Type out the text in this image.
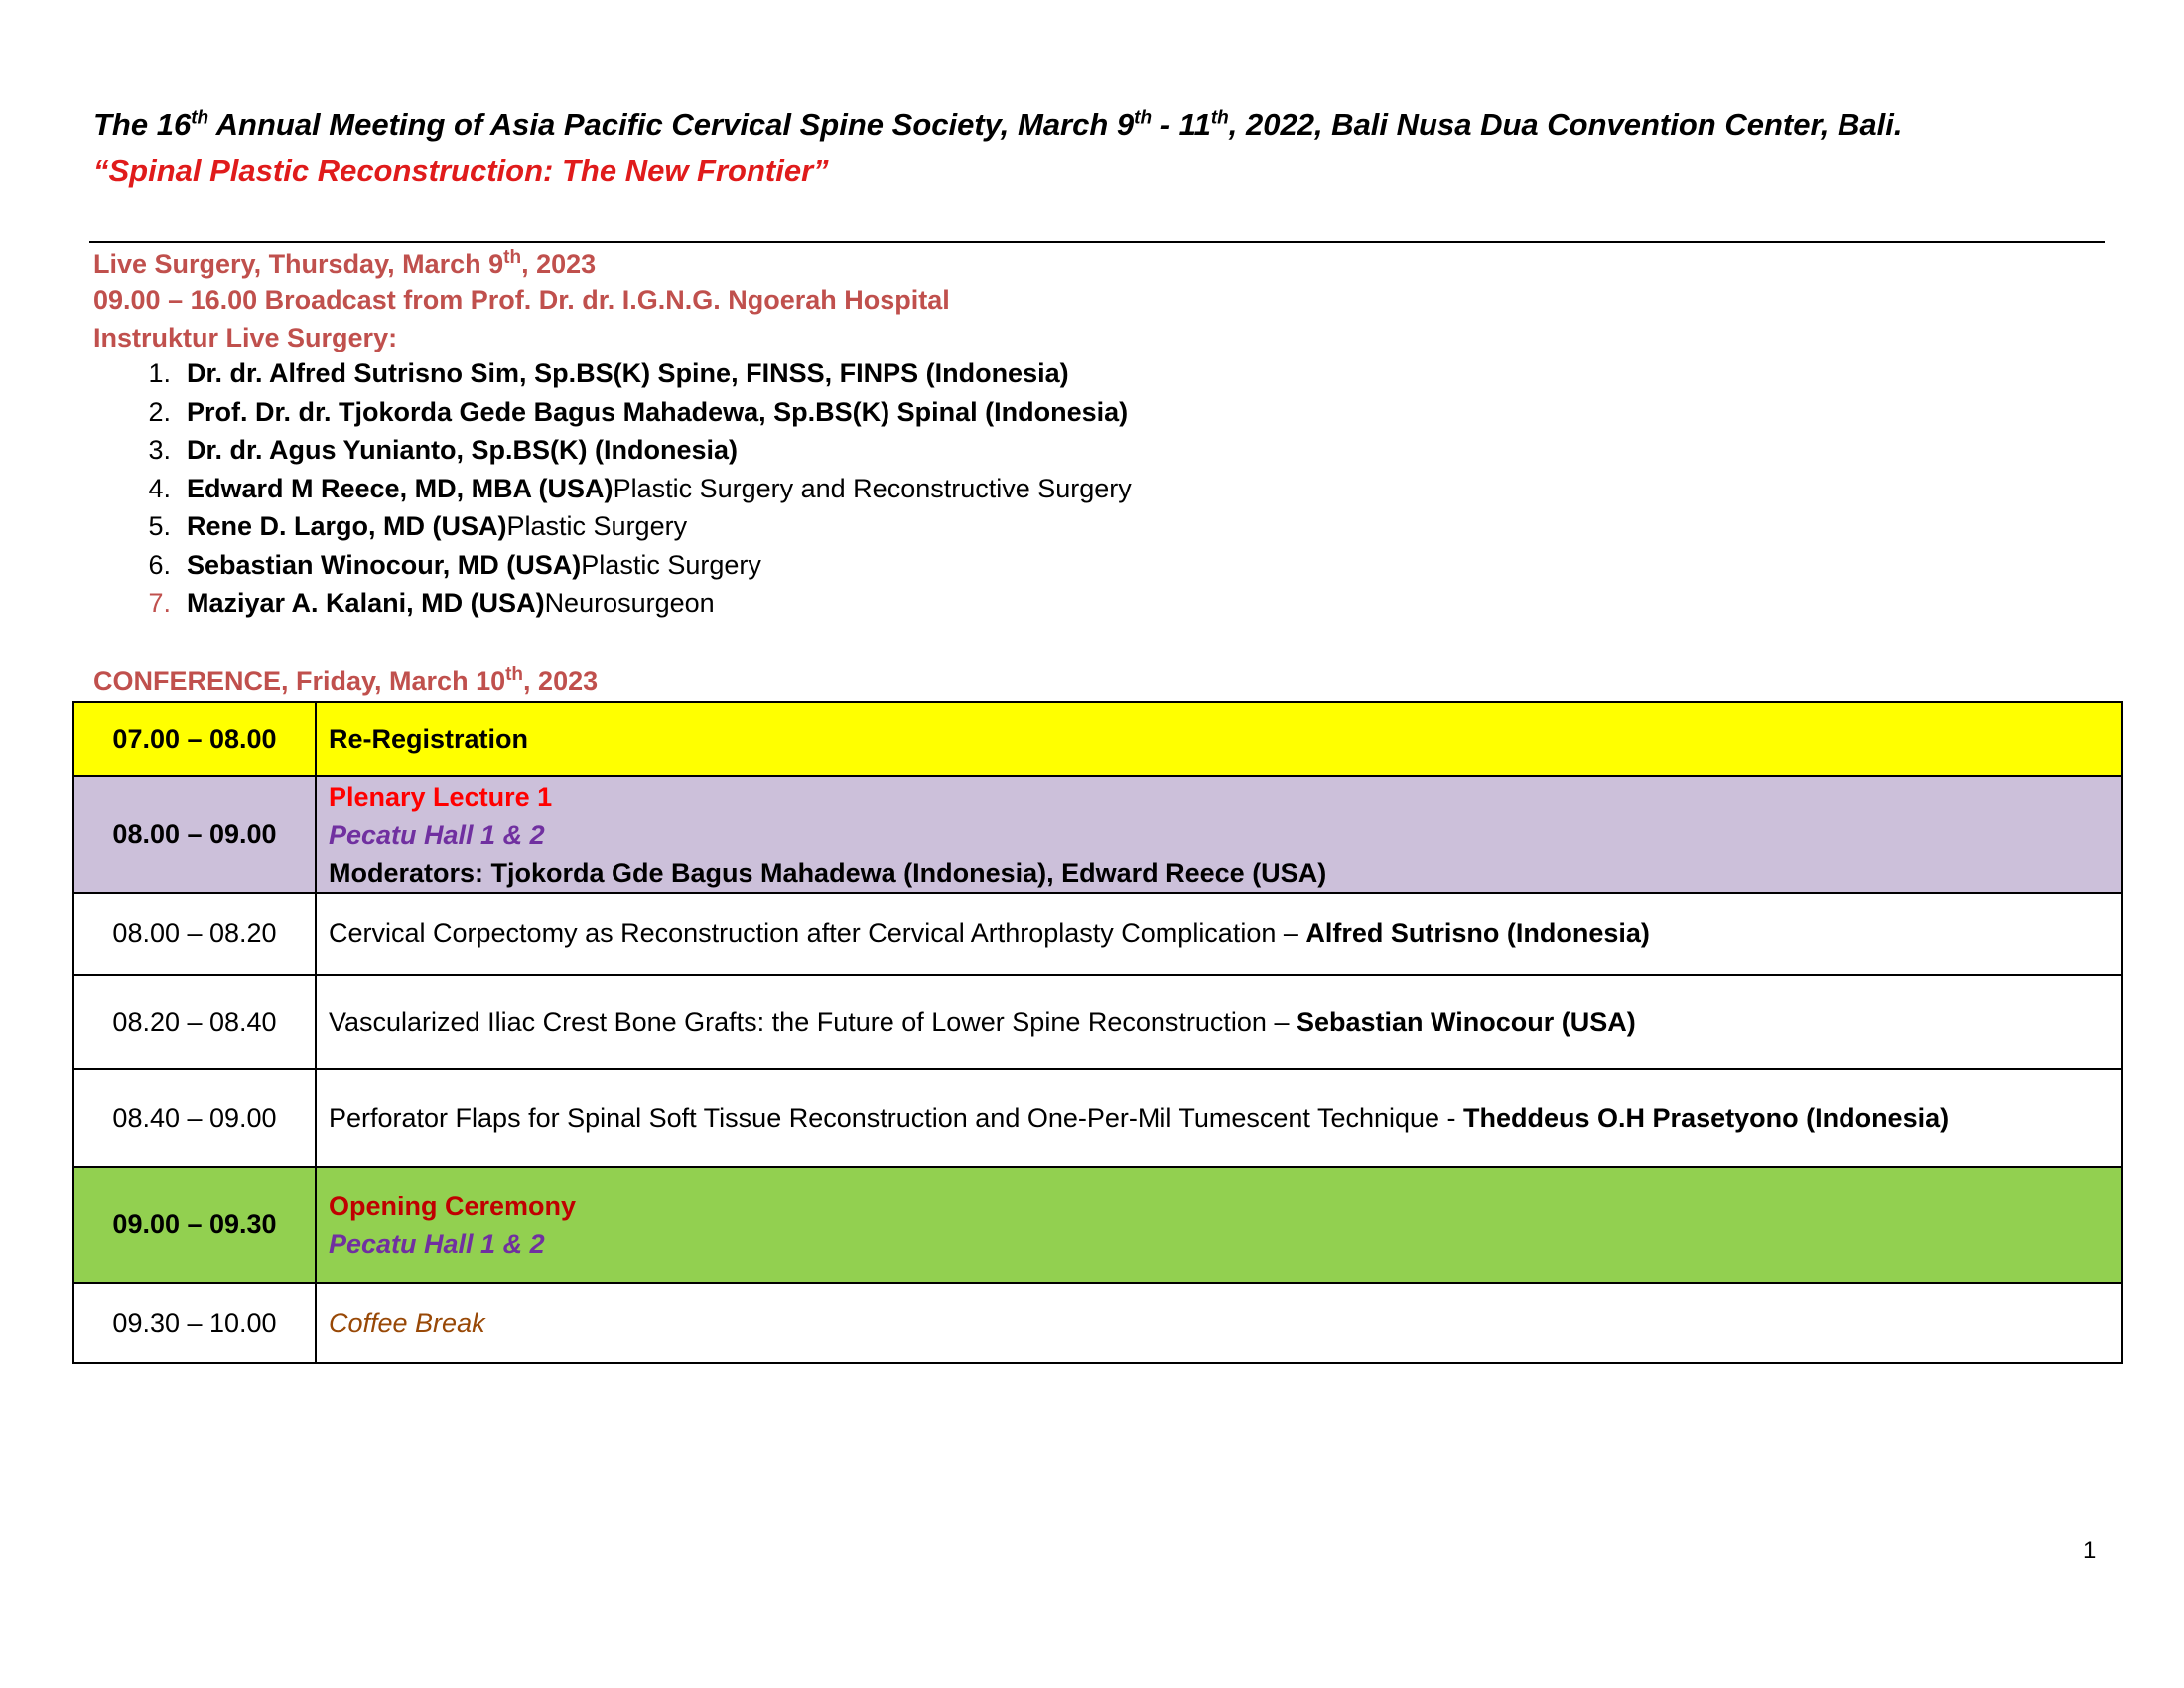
The 16th Annual Meeting of Asia Pacific Cervical Spine Society, March 9th - 11th, 2022, Bali Nusa Dua Convention Center, Bali.
“Spinal Plastic Reconstruction: The New Frontier”
Live Surgery, Thursday, March 9th, 2023
09.00 – 16.00 Broadcast from Prof. Dr. dr. I.G.N.G. Ngoerah Hospital
Instruktur Live Surgery:
1. Dr. dr. Alfred Sutrisno Sim, Sp.BS(K) Spine, FINSS, FINPS (Indonesia)
2. Prof. Dr. dr. Tjokorda Gede Bagus Mahadewa, Sp.BS(K) Spinal (Indonesia)
3. Dr. dr. Agus Yunianto, Sp.BS(K) (Indonesia)
4. Edward M Reece, MD, MBA (USA) Plastic Surgery and Reconstructive Surgery
5. Rene D. Largo, MD (USA) Plastic Surgery
6. Sebastian Winocour, MD (USA) Plastic Surgery
7. Maziyar A. Kalani, MD (USA) Neurosurgeon
CONFERENCE, Friday, March 10th, 2023
07.00 – 08.00	Re-Registration
08.00 – 09.00	Plenary Lecture 1
Pecatu Hall 1 & 2
Moderators: Tjokorda Gde Bagus Mahadewa (Indonesia), Edward Reece (USA)

08.00 – 08.20	Cervical Corpectomy as Reconstruction after Cervical Arthroplasty Complication – Alfred Sutrisno (Indonesia)
08.20 – 08.40	Vascularized Iliac Crest Bone Grafts: the Future of Lower Spine Reconstruction – Sebastian Winocour (USA)
08.40 – 09.00	Perforator Flaps for Spinal Soft Tissue Reconstruction and One-Per-Mil Tumescent Technique - Theddeus O.H Prasetyono (Indonesia)
09.00 – 09.30	Opening Ceremony
Pecatu Hall 1 & 2

09.30 – 10.00	Coffee Break
1
